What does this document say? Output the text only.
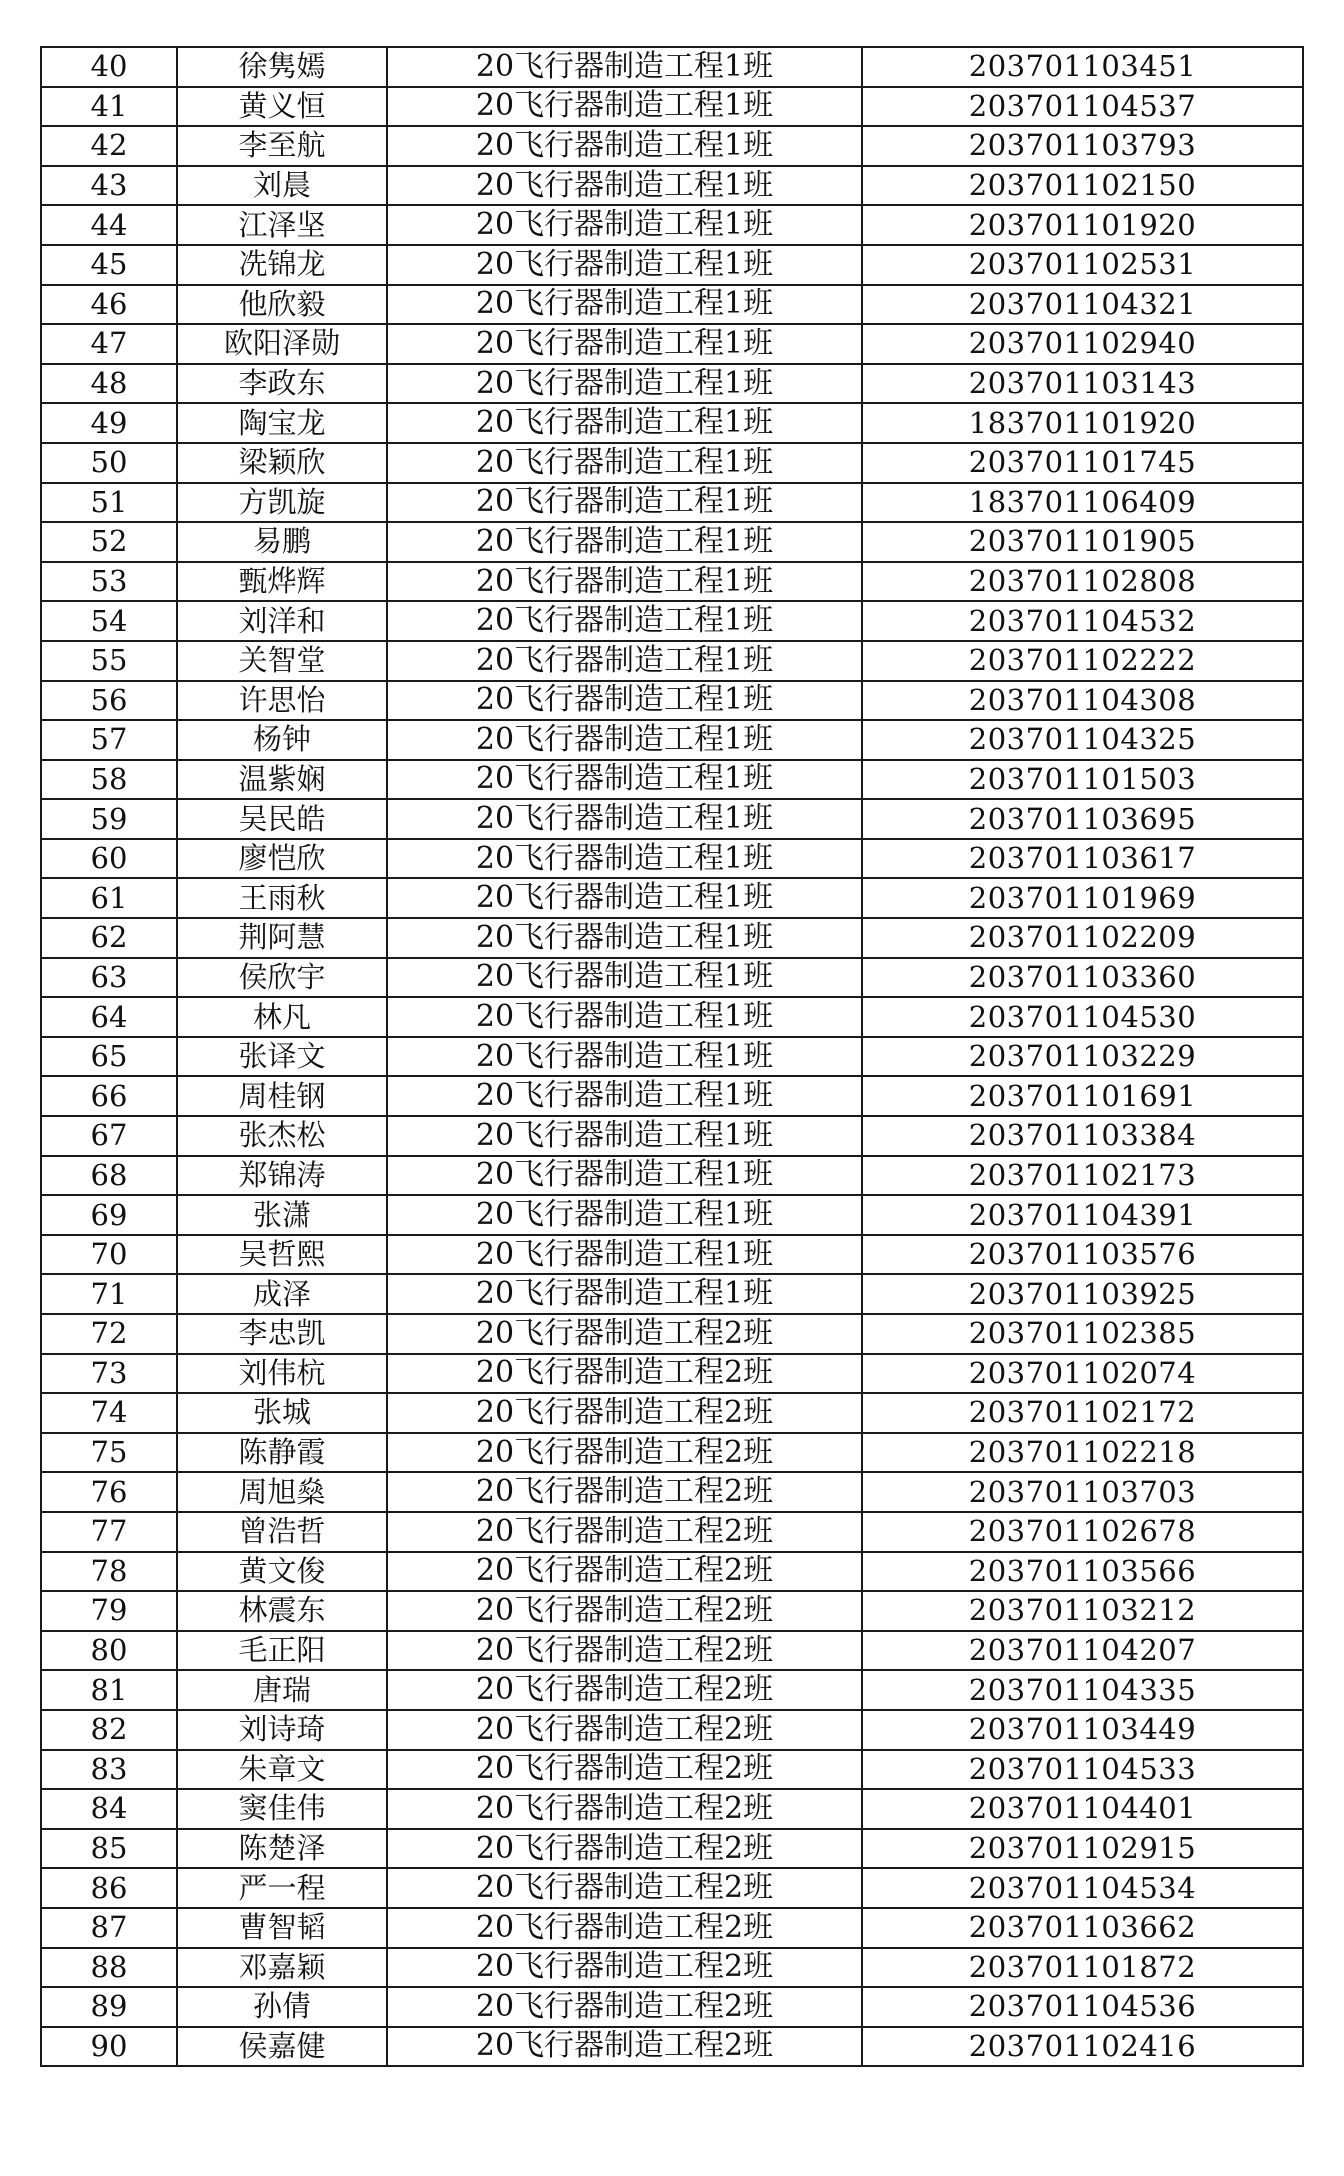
40	徐隽嫣	20飞行器制造工程1班	203701103451
41	黄义恒	20飞行器制造工程1班	203701104537
42	李至航	20飞行器制造工程1班	203701103793
43	刘晨	20飞行器制造工程1班	203701102150
44	江泽坚	20飞行器制造工程1班	203701101920
45	冼锦龙	20飞行器制造工程1班	203701102531
46	他欣毅	20飞行器制造工程1班	203701104321
47	欧阳泽勋	20飞行器制造工程1班	203701102940
48	李政东	20飞行器制造工程1班	203701103143
49	陶宝龙	20飞行器制造工程1班	183701101920
50	梁颖欣	20飞行器制造工程1班	203701101745
51	方凯旋	20飞行器制造工程1班	183701106409
52	易鹏	20飞行器制造工程1班	203701101905
53	甄烨辉	20飞行器制造工程1班	203701102808
54	刘洋和	20飞行器制造工程1班	203701104532
55	关智堂	20飞行器制造工程1班	203701102222
56	许思怡	20飞行器制造工程1班	203701104308
57	杨钟	20飞行器制造工程1班	203701104325
58	温紫娴	20飞行器制造工程1班	203701101503
59	吴民皓	20飞行器制造工程1班	203701103695
60	廖恺欣	20飞行器制造工程1班	203701103617
61	王雨秋	20飞行器制造工程1班	203701101969
62	荆阿慧	20飞行器制造工程1班	203701102209
63	侯欣宇	20飞行器制造工程1班	203701103360
64	林凡	20飞行器制造工程1班	203701104530
65	张译文	20飞行器制造工程1班	203701103229
66	周桂钢	20飞行器制造工程1班	203701101691
67	张杰松	20飞行器制造工程1班	203701103384
68	郑锦涛	20飞行器制造工程1班	203701102173
69	张潇	20飞行器制造工程1班	203701104391
70	吴哲熙	20飞行器制造工程1班	203701103576
71	成泽	20飞行器制造工程1班	203701103925
72	李忠凯	20飞行器制造工程2班	203701102385
73	刘伟杭	20飞行器制造工程2班	203701102074
74	张城	20飞行器制造工程2班	203701102172
75	陈静霞	20飞行器制造工程2班	203701102218
76	周旭燊	20飞行器制造工程2班	203701103703
77	曾浩哲	20飞行器制造工程2班	203701102678
78	黄文俊	20飞行器制造工程2班	203701103566
79	林震东	20飞行器制造工程2班	203701103212
80	毛正阳	20飞行器制造工程2班	203701104207
81	唐瑞	20飞行器制造工程2班	203701104335
82	刘诗琦	20飞行器制造工程2班	203701103449
83	朱章文	20飞行器制造工程2班	203701104533
84	窦佳伟	20飞行器制造工程2班	203701104401
85	陈楚泽	20飞行器制造工程2班	203701102915
86	严一程	20飞行器制造工程2班	203701104534
87	曹智韬	20飞行器制造工程2班	203701103662
88	邓嘉颖	20飞行器制造工程2班	203701101872
89	孙倩	20飞行器制造工程2班	203701104536
90	侯嘉健	20飞行器制造工程2班	203701102416
